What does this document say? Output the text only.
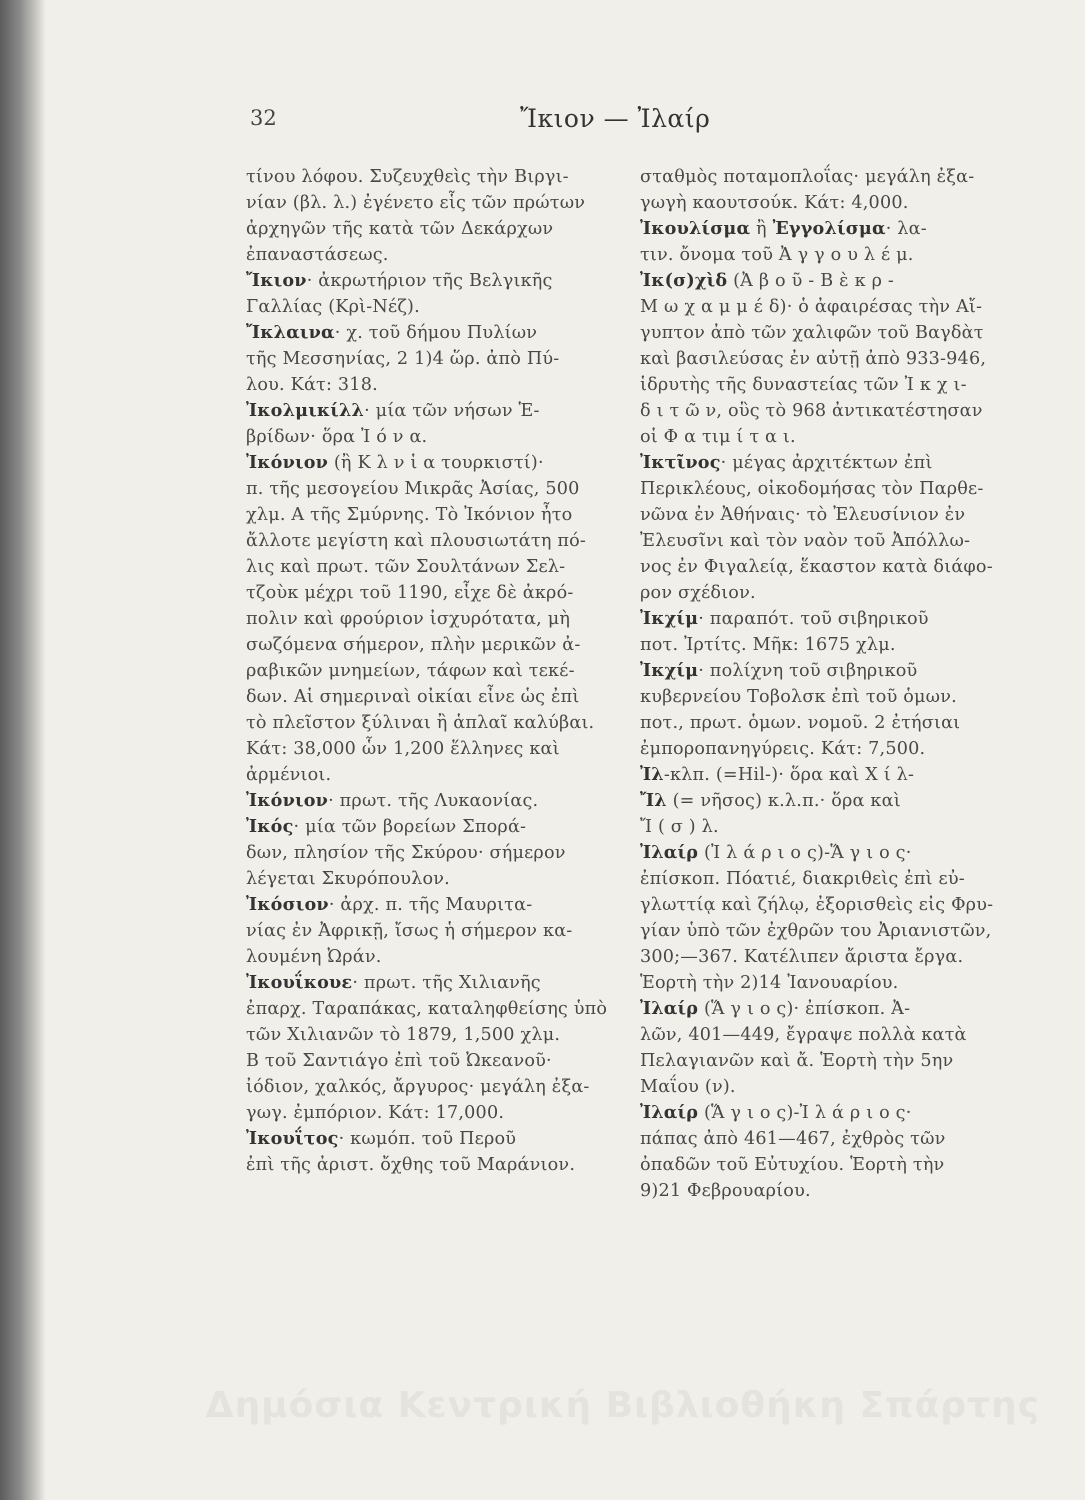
32	Ἴκιον — Ἰλαίρ
τίνου λόφου. Συζευχθεὶς τὴν Βιργι-
νίαν (βλ. λ.) ἐγένετο εἷς τῶν πρώτων
ἀρχηγῶν τῆς κατὰ τῶν Δεκάρχων
ἐπαναστάσεως.
Ἴκιον· ἀκρωτήριον τῆς Βελγικῆς
Γαλλίας (Κρὶ-Νέζ).
Ἴκλαινα· χ. τοῦ δήμου Πυλίων
τῆς Μεσσηνίας, 2 1)4 ὥρ. ἀπὸ Πύ-
λου. Κάτ: 318.
Ἰκολμικίλλ· μία τῶν νήσων Ἑ-
βρίδων· ὅρα Ἰ ό ν α.
Ἰκόνιον (ἢ Κ λ ν ἱ α τουρκιστί)·
π. τῆς μεσογείου Μικρᾶς Ἀσίας, 500
χλμ. Α τῆς Σμύρνης. Τὸ Ἰκόνιον ἦτο
ἄλλοτε μεγίστη καὶ πλουσιωτάτη πό-
λις καὶ πρωτ. τῶν Σουλτάνων Σελ-
τζοὺκ μέχρι τοῦ 1190, εἶχε δὲ ἀκρό-
πολιν καὶ φρούριον ἰσχυρότατα, μὴ
σωζόμενα σήμερον, πλὴν μερικῶν ἀ-
ραβικῶν μνημείων, τάφων καὶ τεκέ-
δων. Αἱ σημεριναὶ οἰκίαι εἶνε ὡς ἐπὶ
τὸ πλεῖστον ξύλιναι ἢ ἁπλαῖ καλύβαι.
Κάτ: 38,000 ὧν 1,200 ἕλληνες καὶ
ἀρμένιοι.
Ἰκόνιον· πρωτ. τῆς Λυκαονίας.
Ἰκός· μία τῶν βορείων Σπορά-
δων, πλησίον τῆς Σκύρου· σήμερον
λέγεται Σκυρόπουλον.
Ἰκόσιον· ἀρχ. π. τῆς Μαυριτα-
νίας ἐν Ἀφρικῇ, ἴσως ἡ σήμερον κα-
λουμένη Ὠράν.
Ἰκουΐκουε· πρωτ. τῆς Χιλιανῆς
ἐπαρχ. Ταραπάκας, καταληφθείσης ὑπὸ
τῶν Χιλιανῶν τὸ 1879, 1,500 χλμ.
Β τοῦ Σαντιάγο ἐπὶ τοῦ Ὠκεανοῦ·
ἰόδιον, χαλκός, ἄργυρος· μεγάλη ἐξα-
γωγ. ἐμπόριον. Κάτ: 17,000.
Ἰκουΐτος· κωμόπ. τοῦ Περοῦ
ἐπὶ τῆς ἀριστ. ὄχθης τοῦ Μαράνιον.
σταθμὸς ποταμοπλοΐας· μεγάλη ἐξα-
γωγὴ καουτσούκ. Κάτ: 4,000.
Ἰκουλίσμα ἢ Ἐγγολίσμα· λα-
τιν. ὄνομα τοῦ Ἀ γ γ ο υ λ έ μ.
Ἰκ(σ)χὶδ (Ἀ β ο ῦ - Β ὲ κ ρ -
Μ ω χ α μ μ έ δ)· ὁ ἀφαιρέσας τὴν Αἴ-
γυπτον ἀπὸ τῶν χαλιφῶν τοῦ Βαγδὰτ
καὶ βασιλεύσας ἐν αὐτῇ ἀπὸ 933-946,
ἱδρυτὴς τῆς δυναστείας τῶν Ἰ κ χ ι-
δ ι τ ῶ ν, οὓς τὸ 968 ἀντικατέστησαν
οἱ Φ α τιμ ί τ α ι.
Ἰκτῖνος· μέγας ἀρχιτέκτων ἐπὶ
Περικλέους, οἰκοδομήσας τὸν Παρθε-
νῶνα ἐν Ἀθήναις· τὸ Ἐλευσίνιον ἐν
Ἐλευσῖνι καὶ τὸν ναὸν τοῦ Ἀπόλλω-
νος ἐν Φιγαλείᾳ, ἕκαστον κατὰ διάφο-
ρον σχέδιον.
Ἰκχίμ· παραπότ. τοῦ σιβηρικοῦ
ποτ. Ἰρτίτς. Μῆκ: 1675 χλμ.
Ἰκχίμ· πολίχνη τοῦ σιβηρικοῦ
κυβερνείου Τοβολσκ ἐπὶ τοῦ ὁμων.
ποτ., πρωτ. ὁμων. νομοῦ. 2 ἐτήσιαι
ἐμποροπανηγύρεις. Κάτ: 7,500.
Ἰλ-κλπ. (=Hil-)· ὅρα καὶ Χ ί λ-
Ἴλ (= νῆσος) κ.λ.π.· ὅρα καὶ
Ἴ ( σ ) λ.
Ἰλαίρ (Ἰ λ ά ρ ι ο ς)-Ἅ γ ι ο ς·
ἐπίσκοπ. Πόατιέ, διακριθεὶς ἐπὶ εὐ-
γλωττίᾳ καὶ ζήλῳ, ἐξορισθεὶς εἰς Φρυ-
γίαν ὑπὸ τῶν ἐχθρῶν του Ἀριανιστῶν,
300;—367. Κατέλιπεν ἄριστα ἔργα.
Ἑορτὴ τὴν 2)14 Ἰανουαρίου.
Ἰλαίρ (Ἅ γ ι ο ς)· ἐπίσκοπ. Ἀ-
λῶν, 401—449, ἔγραψε πολλὰ κατὰ
Πελαγιανῶν καὶ ἄ. Ἑορτὴ τὴν 5ην
Μαΐου (ν).
Ἰλαίρ (Ἅ γ ι ο ς)-Ἰ λ ά ρ ι ο ς·
πάπας ἀπὸ 461—467, ἐχθρὸς τῶν
ὀπαδῶν τοῦ Εὐτυχίου. Ἑορτὴ τὴν
9)21 Φεβρουαρίου.
Δημόσια Κεντρική Βιβλιοθήκη Σπάρτης
